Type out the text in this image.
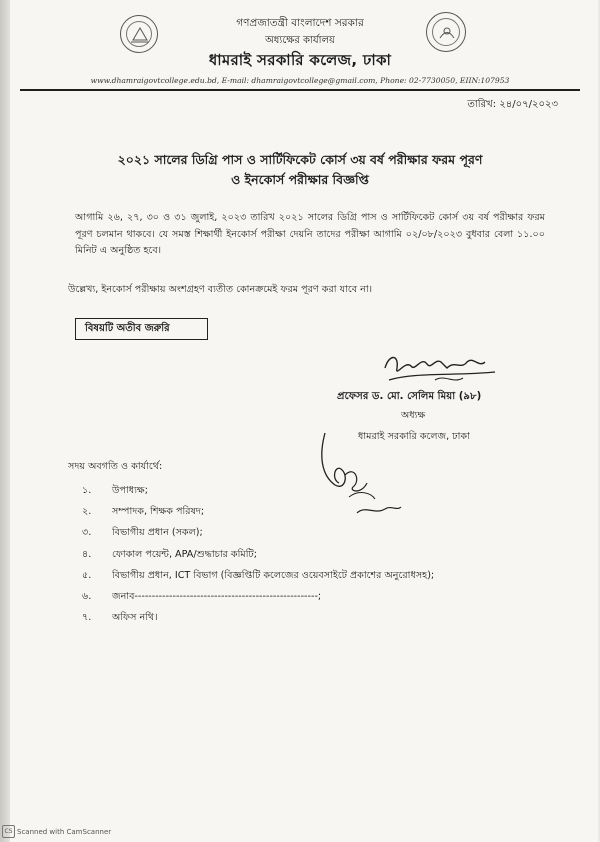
গণপ্রজাতন্ত্রী বাংলাদেশ সরকার
অধ্যক্ষের কার্যালয়
ধামরাই সরকারি কলেজ, ঢাকা
www.dhamraigovtcollege.edu.bd, E-mail: dhamraigovtcollege@gmail.com, Phone: 02-7730050, EIIN:107953
তারিখ: ২৪/০৭/২০২৩
২০২১ সালের ডিগ্রি পাস ও সার্টিফিকেট কোর্স ৩য় বর্ষ পরীক্ষার ফরম পূরণ
ও ইনকোর্স পরীক্ষার বিজ্ঞপ্তি
আগামি ২৬, ২৭, ৩০ ও ৩১ জুলাই, ২০২৩ তারিখ ২০২১ সালের ডিগ্রি পাস ও সার্টিফিকেট কোর্স ৩য় বর্ষ পরীক্ষার ফরম পূরণ চলমান থাকবে। যে সমস্ত শিক্ষার্থী ইনকোর্স পরীক্ষা দেয়নি তাদের পরীক্ষা আগামি ০২/০৮/২০২৩ বুধবার বেলা ১১.০০ মিনিট এ অনুষ্ঠিত হবে।
উল্লেখ্য, ইনকোর্স পরীক্ষায় অংশগ্রহণ ব্যতীত কোনক্রমেই ফরম পূরণ করা যাবে না।
বিষয়টি অতীব জরুরি
প্রফেসর ড. মো. সেলিম মিয়া (৯৮)
অধ্যক্ষ
ধামরাই সরকারি কলেজ, ঢাকা
সদয় অবগতি ও কার্যার্থে:
১.	উপাধ্যক্ষ;
২.	সম্পাদক, শিক্ষক পরিষদ;
৩.	বিভাগীয় প্রধান (সকল);
৪.	ফোকাল পয়েন্ট, APA/শুদ্ধাচার কমিটি;
৫.	বিভাগীয় প্রধান, ICT বিভাগ (বিজ্ঞপ্তিটি কলেজের ওয়েবসাইটে প্রকাশের অনুরোধসহ);
৬.	জনাব-----------------------------------------------------;
৭.	অফিস নথি।
CS Scanned with CamScanner
